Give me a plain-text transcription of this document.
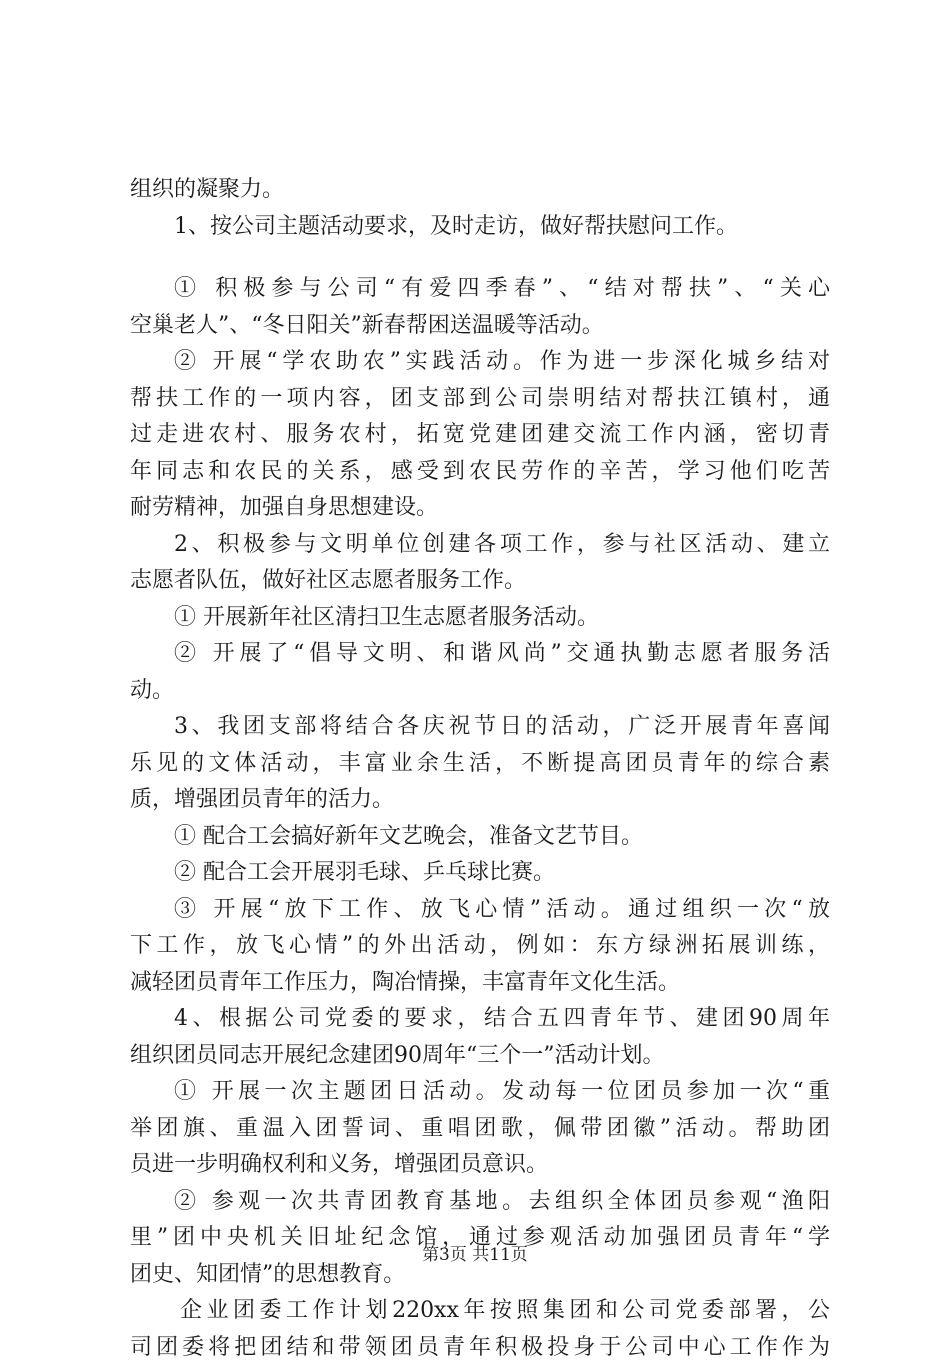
组织的凝聚力。
1、按公司主题活动要求，及时走访，做好帮扶慰问工作。
① 积极参与公司“有爱四季春”、“结对帮扶”、“关心
空巢老人”、“冬日阳关”新春帮困送温暖等活动。
② 开展“学农助农”实践活动。作为进一步深化城乡结对
帮扶工作的一项内容，团支部到公司崇明结对帮扶江镇村，通
过走进农村、服务农村，拓宽党建团建交流工作内涵，密切青
年同志和农民的关系，感受到农民劳作的辛苦，学习他们吃苦
耐劳精神，加强自身思想建设。
2、积极参与文明单位创建各项工作，参与社区活动、建立
志愿者队伍，做好社区志愿者服务工作。
① 开展新年社区清扫卫生志愿者服务活动。
② 开展了“倡导文明、和谐风尚”交通执勤志愿者服务活
动。
3、我团支部将结合各庆祝节日的活动，广泛开展青年喜闻
乐见的文体活动，丰富业余生活，不断提高团员青年的综合素
质，增强团员青年的活力。
① 配合工会搞好新年文艺晚会，准备文艺节目。
② 配合工会开展羽毛球、乒乓球比赛。
③ 开展“放下工作、放飞心情”活动。通过组织一次“放
下工作，放飞心情”的外出活动，例如：东方绿洲拓展训练，
减轻团员青年工作压力，陶冶情操，丰富青年文化生活。
4、根据公司党委的要求，结合五四青年节、建团90周年
组织团员同志开展纪念建团90周年“三个一”活动计划。
① 开展一次主题团日活动。发动每一位团员参加一次“重
举团旗、重温入团誓词、重唱团歌，佩带团徽”活动。帮助团
员进一步明确权利和义务，增强团员意识。
② 参观一次共青团教育基地。去组织全体团员参观“渔阳
里”团中央机关旧址纪念馆，通过参观活动加强团员青年“学
团史、知团情”的思想教育。
企业团委工作计划220xx年按照集团和公司党委部署，公
司团委将把团结和带领团员青年积极投身于公司中心工作作为
第3页 共11页
